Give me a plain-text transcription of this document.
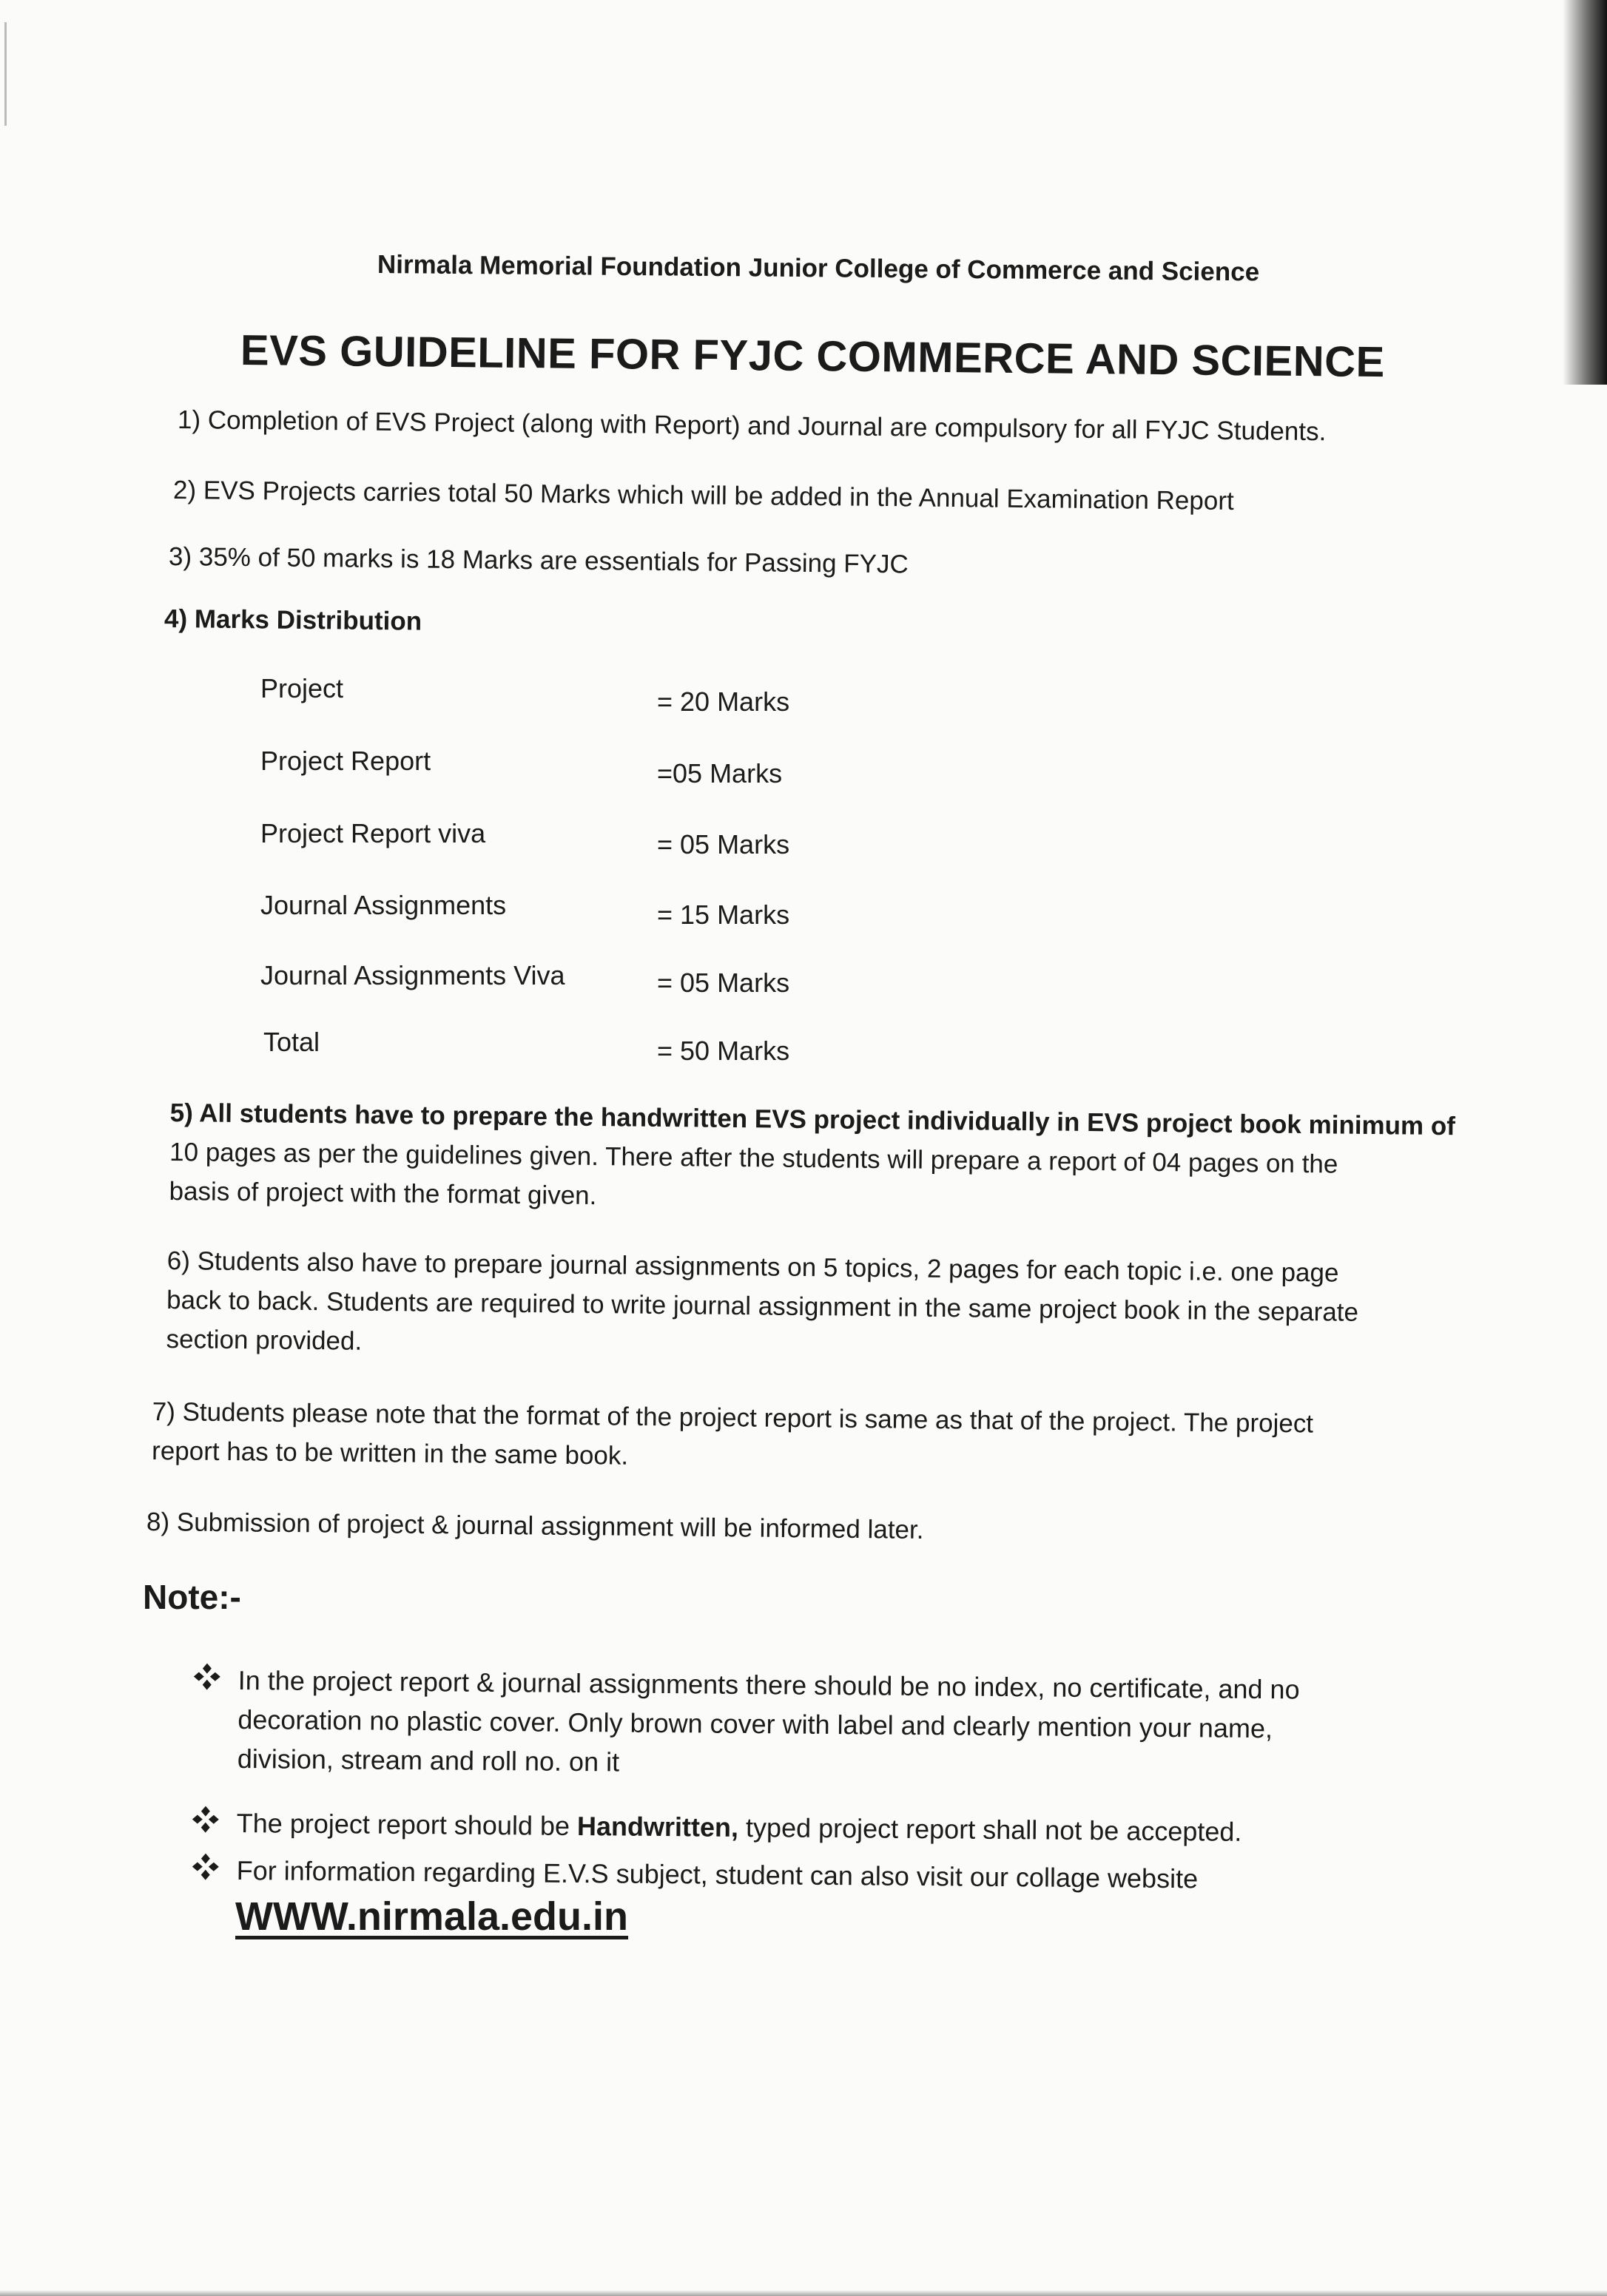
Nirmala Memorial Foundation Junior College of Commerce and Science
EVS GUIDELINE FOR FYJC COMMERCE AND SCIENCE
1) Completion of EVS Project (along with Report) and Journal are compulsory for all FYJC Students.
2) EVS Projects carries total 50 Marks which will be added in the Annual Examination Report
3) 35% of 50 marks is 18 Marks are essentials for Passing FYJC
4) Marks Distribution
Project	= 20 Marks
Project Report	=05 Marks
Project Report viva	= 05 Marks
Journal Assignments	= 15 Marks
Journal Assignments Viva	= 05 Marks
Total	= 50 Marks
5) All students have to prepare the handwritten EVS project individually in EVS project book minimum of
10 pages as per the guidelines given. There after the students will prepare a report of 04 pages on the
basis of project with the format given.
6) Students also have to prepare journal assignments on 5 topics, 2 pages for each topic i.e. one page
back to back. Students are required to write journal assignment in the same project book in the separate
section provided.
7) Students please note that the format of the project report is same as that of the project. The project
report has to be written in the same book.
8) Submission of project & journal assignment will be informed later.
Note:-
In the project report & journal assignments there should be no index, no certificate, and no
decoration no plastic cover. Only brown cover with label and clearly mention your name,
division, stream and roll no. on it
The project report should be Handwritten, typed project report shall not be accepted.
For information regarding E.V.S subject, student can also visit our collage website
WWW.nirmala.edu.in
